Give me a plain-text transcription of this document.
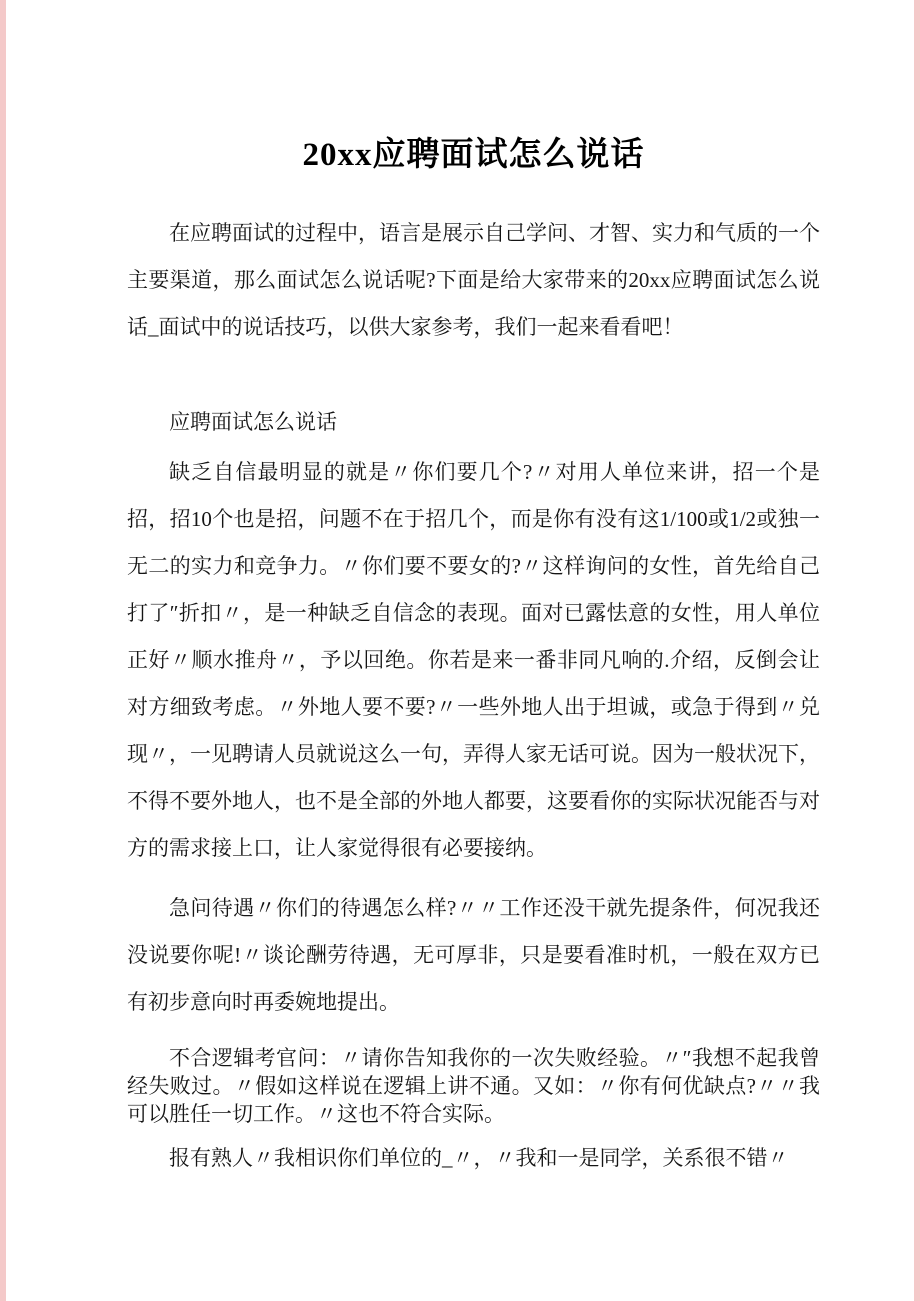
20xx应聘面试怎么说话

在应聘面试的过程中，语言是展示自己学问、才智、实力和气质的一个主要渠道，那么面试怎么说话呢?下面是给大家带来的20xx应聘面试怎么说话_面试中的说话技巧，以供大家参考，我们一起来看看吧！

应聘面试怎么说话

缺乏自信最明显的就是〃你们要几个?〃对用人单位来讲，招一个是招，招10个也是招，问题不在于招几个，而是你有没有这1/100或1/2或独一无二的实力和竞争力。〃你们要不要女的?〃这样询问的女性，首先给自己打了″折扣〃，是一种缺乏自信念的表现。面对已露怯意的女性，用人单位正好〃顺水推舟〃，予以回绝。你若是来一番非同凡响的.介绍，反倒会让对方细致考虑。〃外地人要不要?〃一些外地人出于坦诚，或急于得到〃兑现〃，一见聘请人员就说这么一句，弄得人家无话可说。因为一般状况下，不得不要外地人，也不是全部的外地人都要，这要看你的实际状况能否与对方的需求接上口，让人家觉得很有必要接纳。

急问待遇〃你们的待遇怎么样?〃〃工作还没干就先提条件，何况我还没说要你呢!〃谈论酬劳待遇，无可厚非，只是要看准时机，一般在双方已有初步意向时再委婉地提出。

不合逻辑考官问：〃请你告知我你的一次失败经验。〃″我想不起我曾经失败过。〃假如这样说在逻辑上讲不通。又如：〃你有何优缺点?〃〃我可以胜任一切工作。〃这也不符合实际。

报有熟人〃我相识你们单位的_〃，〃我和一是同学，关系很不错〃
